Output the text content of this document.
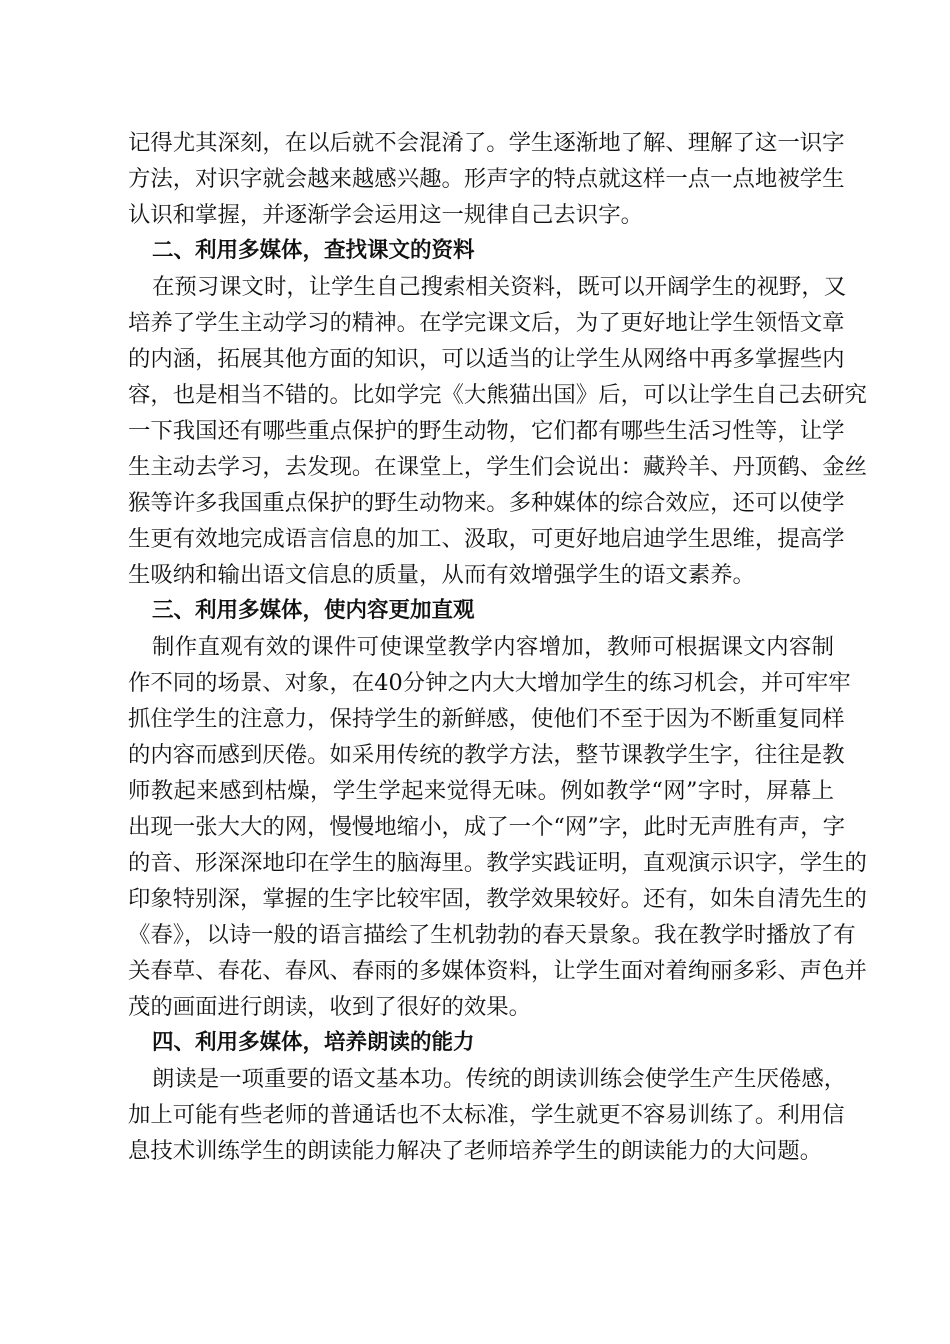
记得尤其深刻，在以后就不会混淆了。学生逐渐地了解、理解了这一识字
方法，对识字就会越来越感兴趣。形声字的特点就这样一点一点地被学生
认识和掌握，并逐渐学会运用这一规律自己去识字。
二、利用多媒体，查找课文的资料
在预习课文时，让学生自己搜索相关资料，既可以开阔学生的视野，又
培养了学生主动学习的精神。在学完课文后，为了更好地让学生领悟文章
的内涵，拓展其他方面的知识，可以适当的让学生从网络中再多掌握些内
容，也是相当不错的。比如学完《大熊猫出国》后，可以让学生自己去研究
一下我国还有哪些重点保护的野生动物，它们都有哪些生活习性等，让学
生主动去学习，去发现。在课堂上，学生们会说出：藏羚羊、丹顶鹤、金丝
猴等许多我国重点保护的野生动物来。多种媒体的综合效应，还可以使学
生更有效地完成语言信息的加工、汲取，可更好地启迪学生思维，提高学
生吸纳和输出语文信息的质量，从而有效增强学生的语文素养。
三、利用多媒体，使内容更加直观
制作直观有效的课件可使课堂教学内容增加，教师可根据课文内容制
作不同的场景、对象，在40分钟之内大大增加学生的练习机会，并可牢牢
抓住学生的注意力，保持学生的新鲜感，使他们不至于因为不断重复同样
的内容而感到厌倦。如采用传统的教学方法，整节课教学生字，往往是教
师教起来感到枯燥，学生学起来觉得无味。例如教学“网”字时，屏幕上
出现一张大大的网，慢慢地缩小，成了一个“网”字，此时无声胜有声，字
的音、形深深地印在学生的脑海里。教学实践证明，直观演示识字，学生的
印象特别深，掌握的生字比较牢固，教学效果较好。还有，如朱自清先生的
《春》，以诗一般的语言描绘了生机勃勃的春天景象。我在教学时播放了有
关春草、春花、春风、春雨的多媒体资料，让学生面对着绚丽多彩、声色并
茂的画面进行朗读，收到了很好的效果。
四、利用多媒体，培养朗读的能力
朗读是一项重要的语文基本功。传统的朗读训练会使学生产生厌倦感，
加上可能有些老师的普通话也不太标准，学生就更不容易训练了。利用信
息技术训练学生的朗读能力解决了老师培养学生的朗读能力的大问题。
